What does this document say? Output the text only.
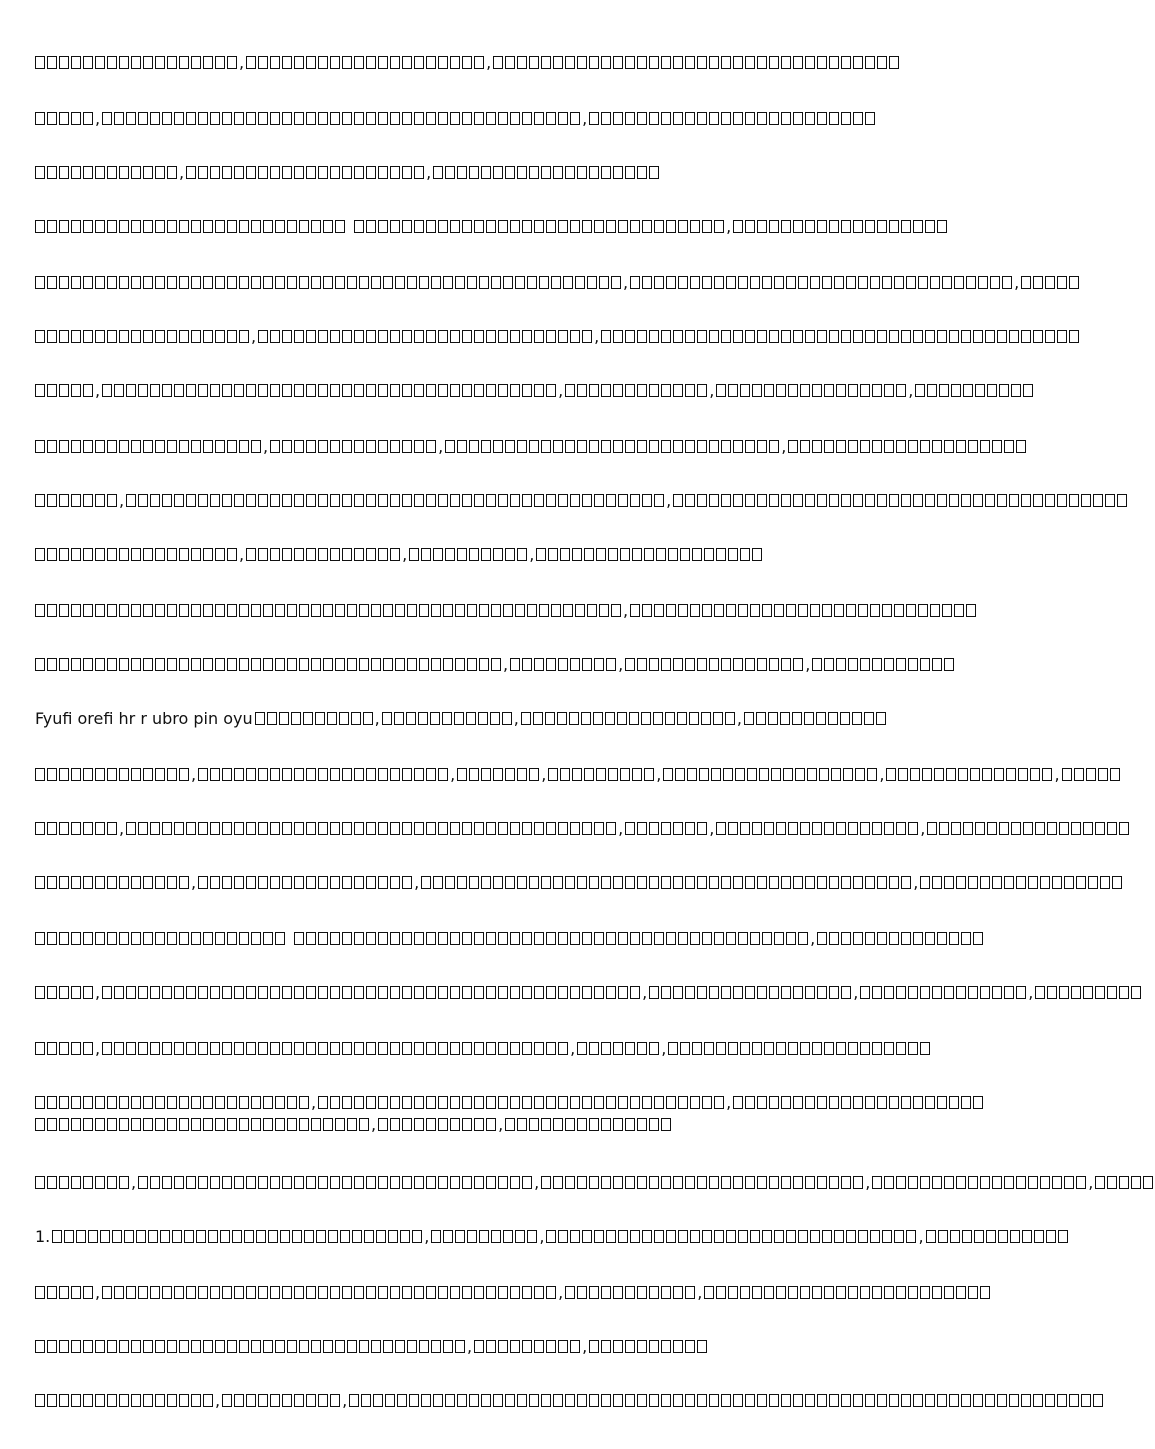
,	,
,	,
,	,
,
,	,
,	,
,	,	,	,
,	,	,
,	,
,	,	,
,
,	,	,
Fyufi orefi hr r ubro pin oyu	,	,	,
,	,	,	,	,	,
,	,	,	,
,	,	,
,
,	,	,	,
,	,	,
,	,,	,
,	,	,	,
1.	,	,	,
,	,	,
,	,
,	,
